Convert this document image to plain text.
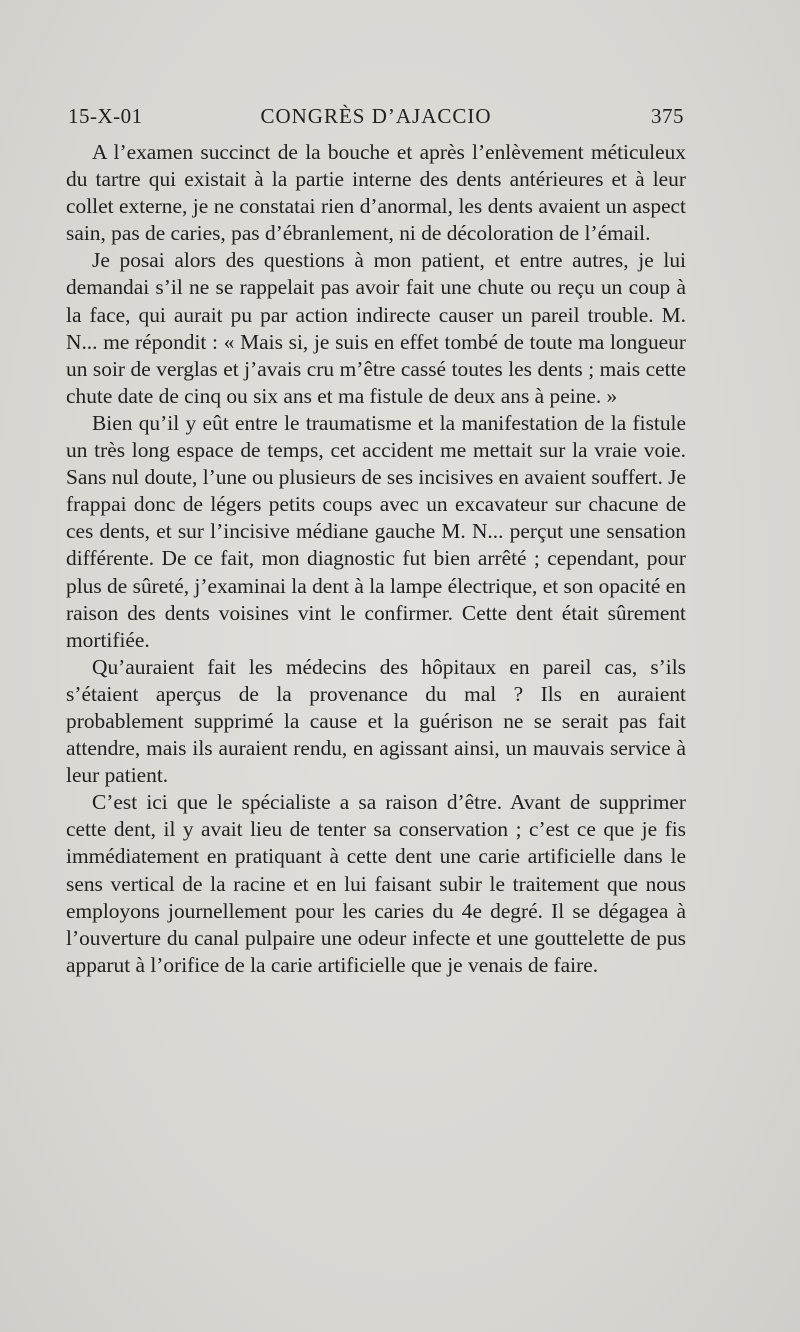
15-X-01	CONGRÈS D’AJACCIO	375

A l’examen succinct de la bouche et après l’enlèvement méticuleux du tartre qui existait à la partie interne des dents antérieures et à leur collet externe, je ne constatai rien d’anormal, les dents avaient un aspect sain, pas de caries, pas d’ébranlement, ni de décoloration de l’émail.

Je posai alors des questions à mon patient, et entre autres, je lui demandai s’il ne se rappelait pas avoir fait une chute ou reçu un coup à la face, qui aurait pu par action indirecte causer un pareil trouble. M. N... me répondit : « Mais si, je suis en effet tombé de toute ma longueur un soir de verglas et j’avais cru m’être cassé toutes les dents ; mais cette chute date de cinq ou six ans et ma fistule de deux ans à peine. »

Bien qu’il y eût entre le traumatisme et la manifestation de la fistule un très long espace de temps, cet accident me mettait sur la vraie voie. Sans nul doute, l’une ou plusieurs de ses incisives en avaient souffert. Je frappai donc de légers petits coups avec un excavateur sur chacune de ces dents, et sur l’incisive médiane gauche M. N... perçut une sensation différente. De ce fait, mon diagnostic fut bien arrêté ; cependant, pour plus de sûreté, j’examinai la dent à la lampe électrique, et son opacité en raison des dents voisines vint le confirmer. Cette dent était sûrement mortifiée.

Qu’auraient fait les médecins des hôpitaux en pareil cas, s’ils s’étaient aperçus de la provenance du mal ? Ils en auraient probablement supprimé la cause et la guérison ne se serait pas fait attendre, mais ils auraient rendu, en agissant ainsi, un mauvais service à leur patient.

C’est ici que le spécialiste a sa raison d’être. Avant de supprimer cette dent, il y avait lieu de tenter sa conservation ; c’est ce que je fis immédiatement en pratiquant à cette dent une carie artificielle dans le sens vertical de la racine et en lui faisant subir le traitement que nous employons journellement pour les caries du 4e degré. Il se dégagea à l’ouverture du canal pulpaire une odeur infecte et une gouttelette de pus apparut à l’orifice de la carie artificielle que je venais de faire.
